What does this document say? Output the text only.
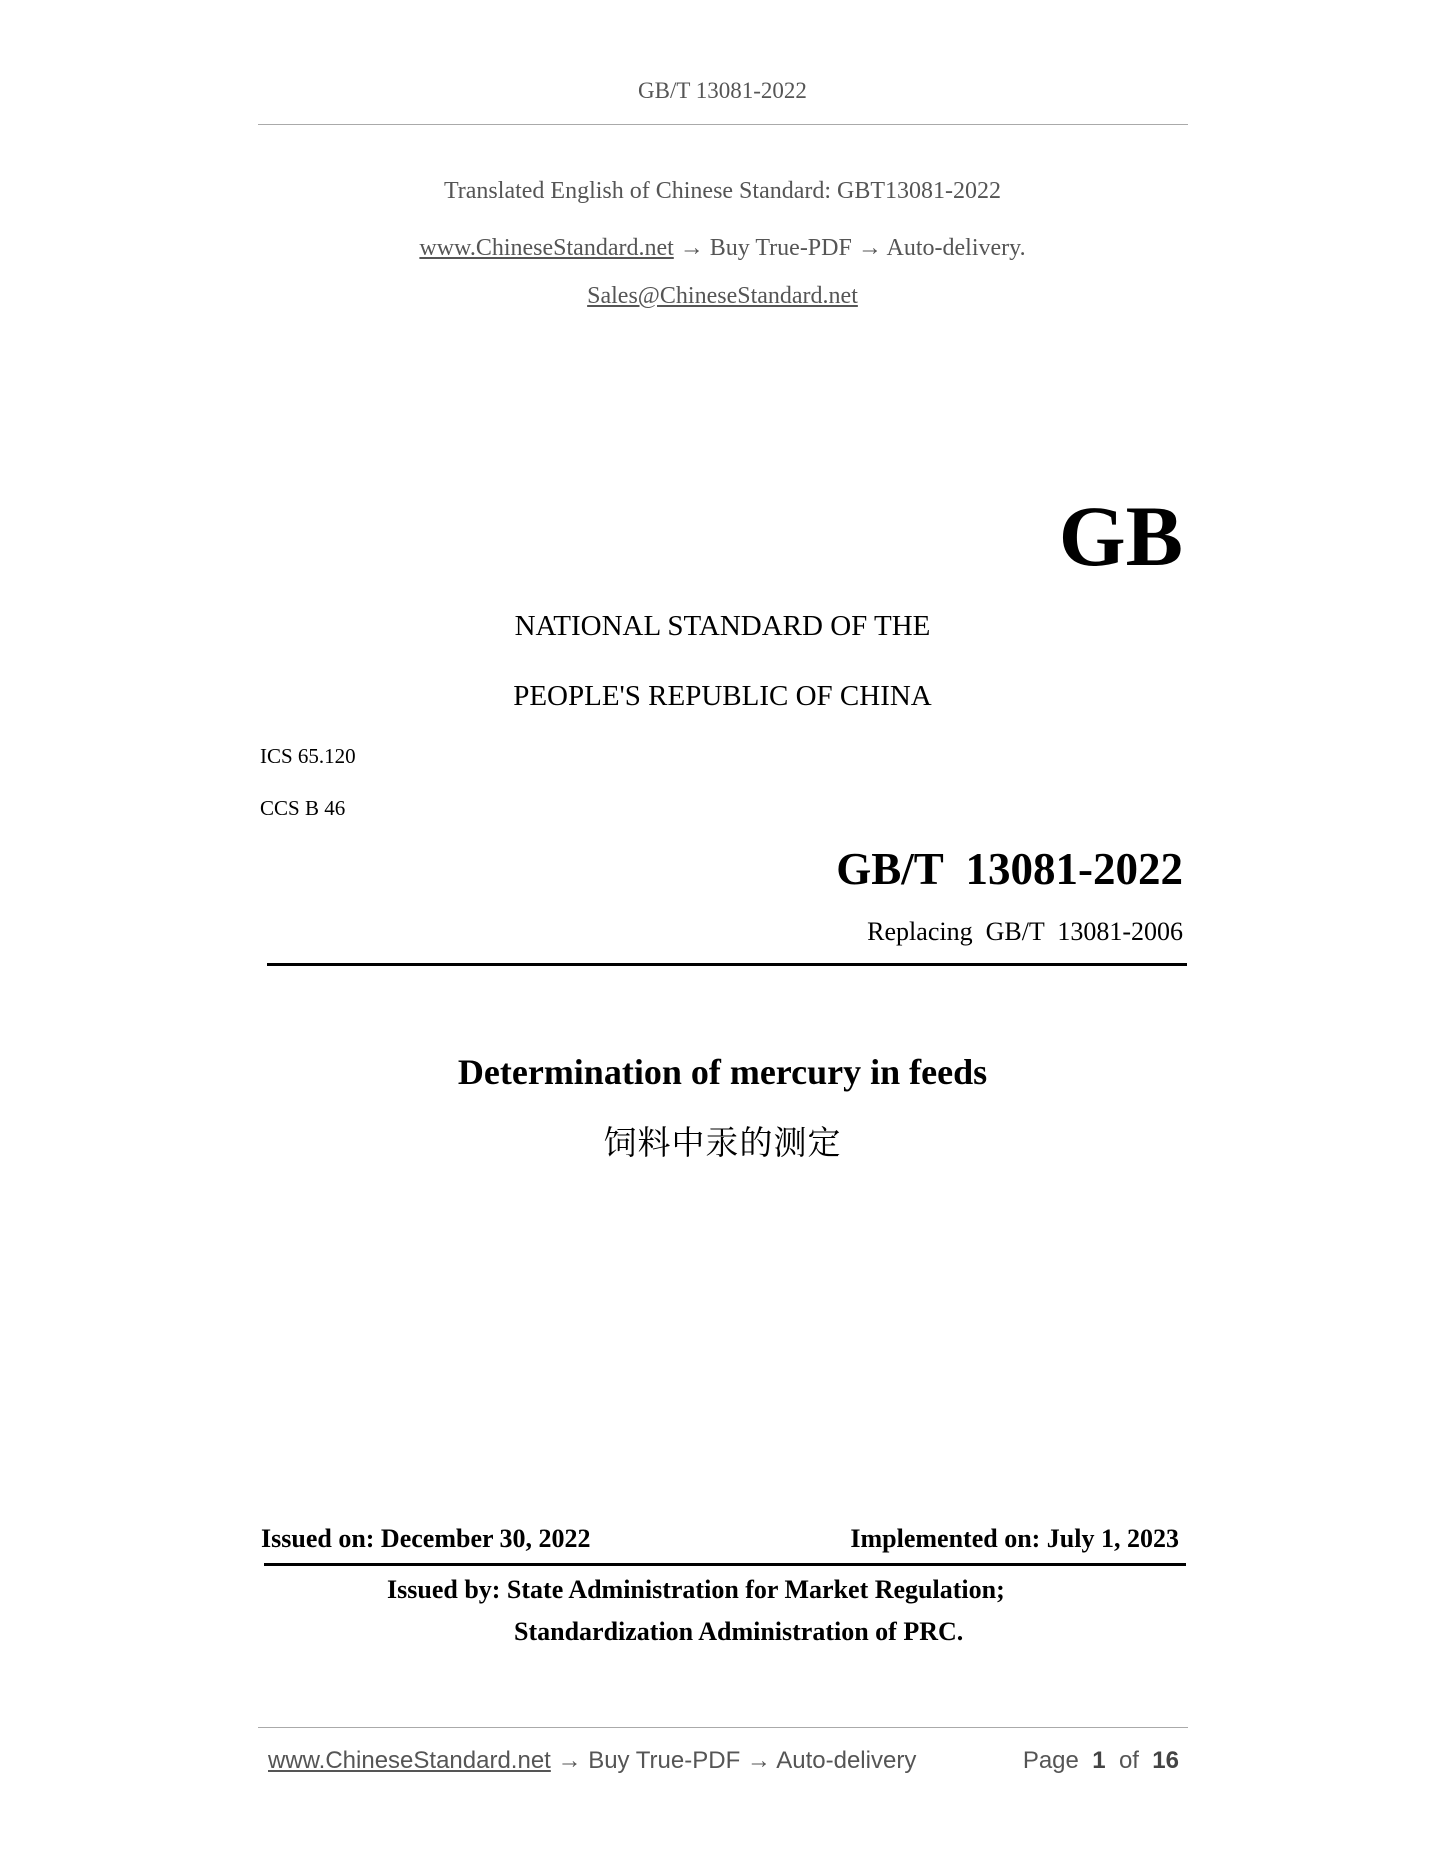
GB/T 13081-2022
Translated English of Chinese Standard: GBT13081-2022
www.ChineseStandard.net → Buy True-PDF → Auto-delivery.
Sales@ChineseStandard.net
GB
NATIONAL STANDARD OF THE
PEOPLE'S REPUBLIC OF CHINA
ICS 65.120
CCS B 46
GB/T  13081-2022
Replacing  GB/T  13081-2006
Determination of mercury in feeds
饲料中汞的测定
Issued on: December 30, 2022	Implemented on: July 1, 2023
Issued by: State Administration for Market Regulation;
Standardization Administration of PRC.
www.ChineseStandard.net → Buy True-PDF → Auto-delivery	Page 1 of 16
